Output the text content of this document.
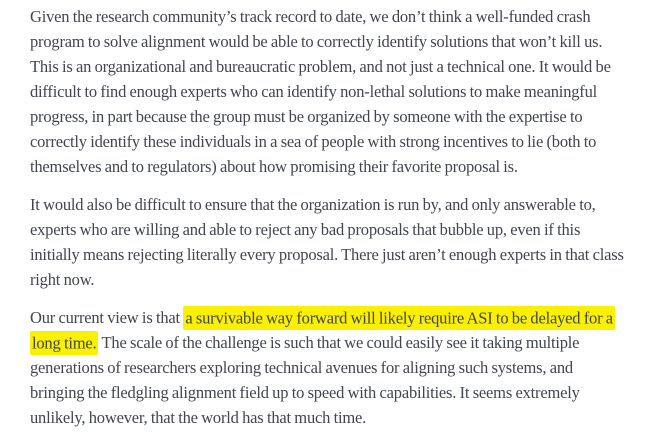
Given the research community’s track record to date, we don’t think a well-funded crash program to solve alignment would be able to correctly identify solutions that won’t kill us. This is an organizational and bureaucratic problem, and not just a technical one. It would be difficult to find enough experts who can identify non-lethal solutions to make meaningful progress, in part because the group must be organized by someone with the expertise to correctly identify these individuals in a sea of people with strong incentives to lie (both to themselves and to regulators) about how promising their favorite proposal is.

It would also be difficult to ensure that the organization is run by, and only answerable to, experts who are willing and able to reject any bad proposals that bubble up, even if this initially means rejecting literally every proposal. There just aren’t enough experts in that class right now.

Our current view is that a survivable way forward will likely require ASI to be delayed for a long time. The scale of the challenge is such that we could easily see it taking multiple generations of researchers exploring technical avenues for aligning such systems, and bringing the fledgling alignment field up to speed with capabilities. It seems extremely unlikely, however, that the world has that much time.
